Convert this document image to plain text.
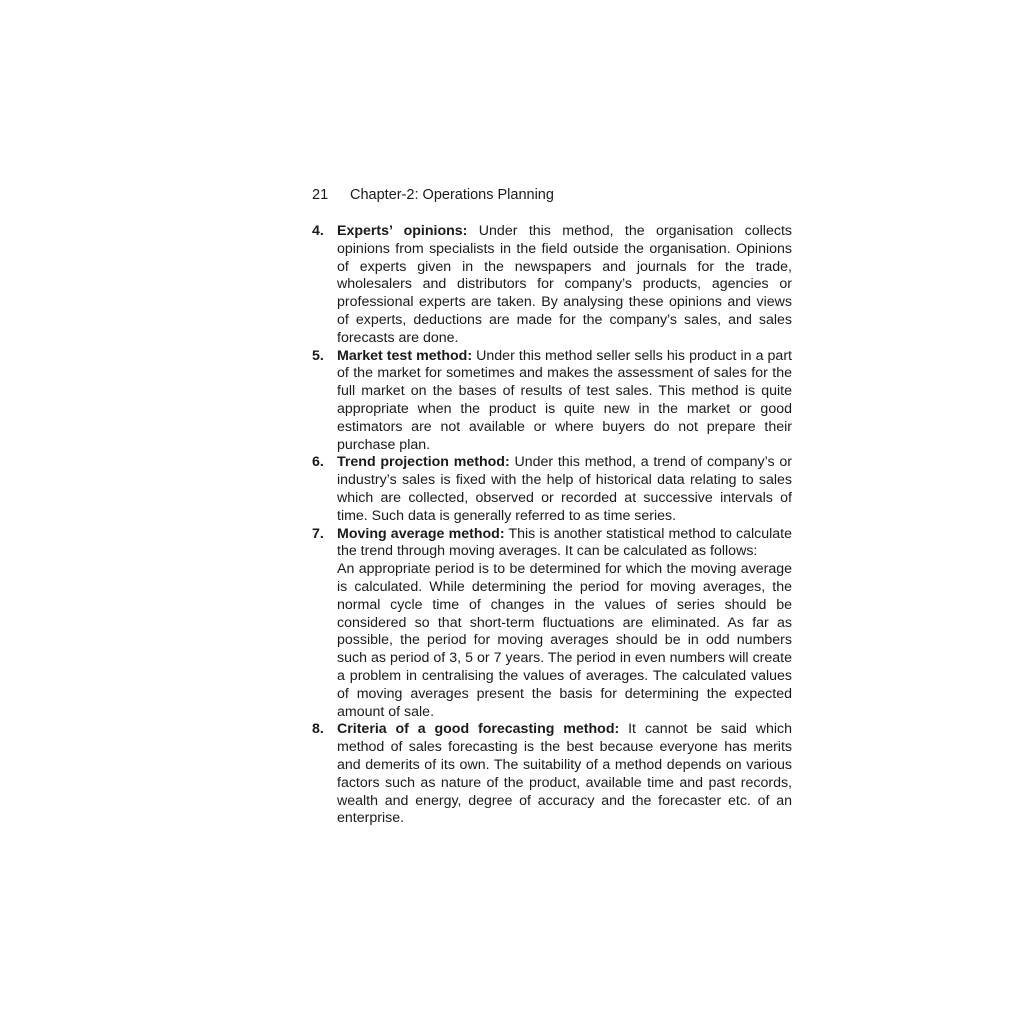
21 Chapter-2: Operations Planning
4. Experts’ opinions: Under this method, the organisation collects opinions from specialists in the field outside the organisation. Opinions of experts given in the newspapers and journals for the trade, wholesalers and distributors for company’s products, agencies or professional experts are taken. By analysing these opinions and views of experts, deductions are made for the company’s sales, and sales forecasts are done.
5. Market test method: Under this method seller sells his product in a part of the market for sometimes and makes the assessment of sales for the full market on the bases of results of test sales. This method is quite appropriate when the product is quite new in the market or good estimators are not available or where buyers do not prepare their purchase plan.
6. Trend projection method: Under this method, a trend of company’s or industry’s sales is fixed with the help of historical data relating to sales which are collected, observed or recorded at successive intervals of time. Such data is generally referred to as time series.
7. Moving average method: This is another statistical method to calculate the trend through moving averages. It can be calculated as follows:
An appropriate period is to be determined for which the moving average is calculated. While determining the period for moving averages, the normal cycle time of changes in the values of series should be considered so that short-term fluctuations are eliminated. As far as possible, the period for moving averages should be in odd numbers such as period of 3, 5 or 7 years. The period in even numbers will create a problem in centralising the values of averages. The calculated values of moving averages present the basis for determining the expected amount of sale.
8. Criteria of a good forecasting method: It cannot be said which method of sales forecasting is the best because everyone has merits and demerits of its own. The suitability of a method depends on various factors such as nature of the product, available time and past records, wealth and energy, degree of accuracy and the forecaster etc. of an enterprise.
